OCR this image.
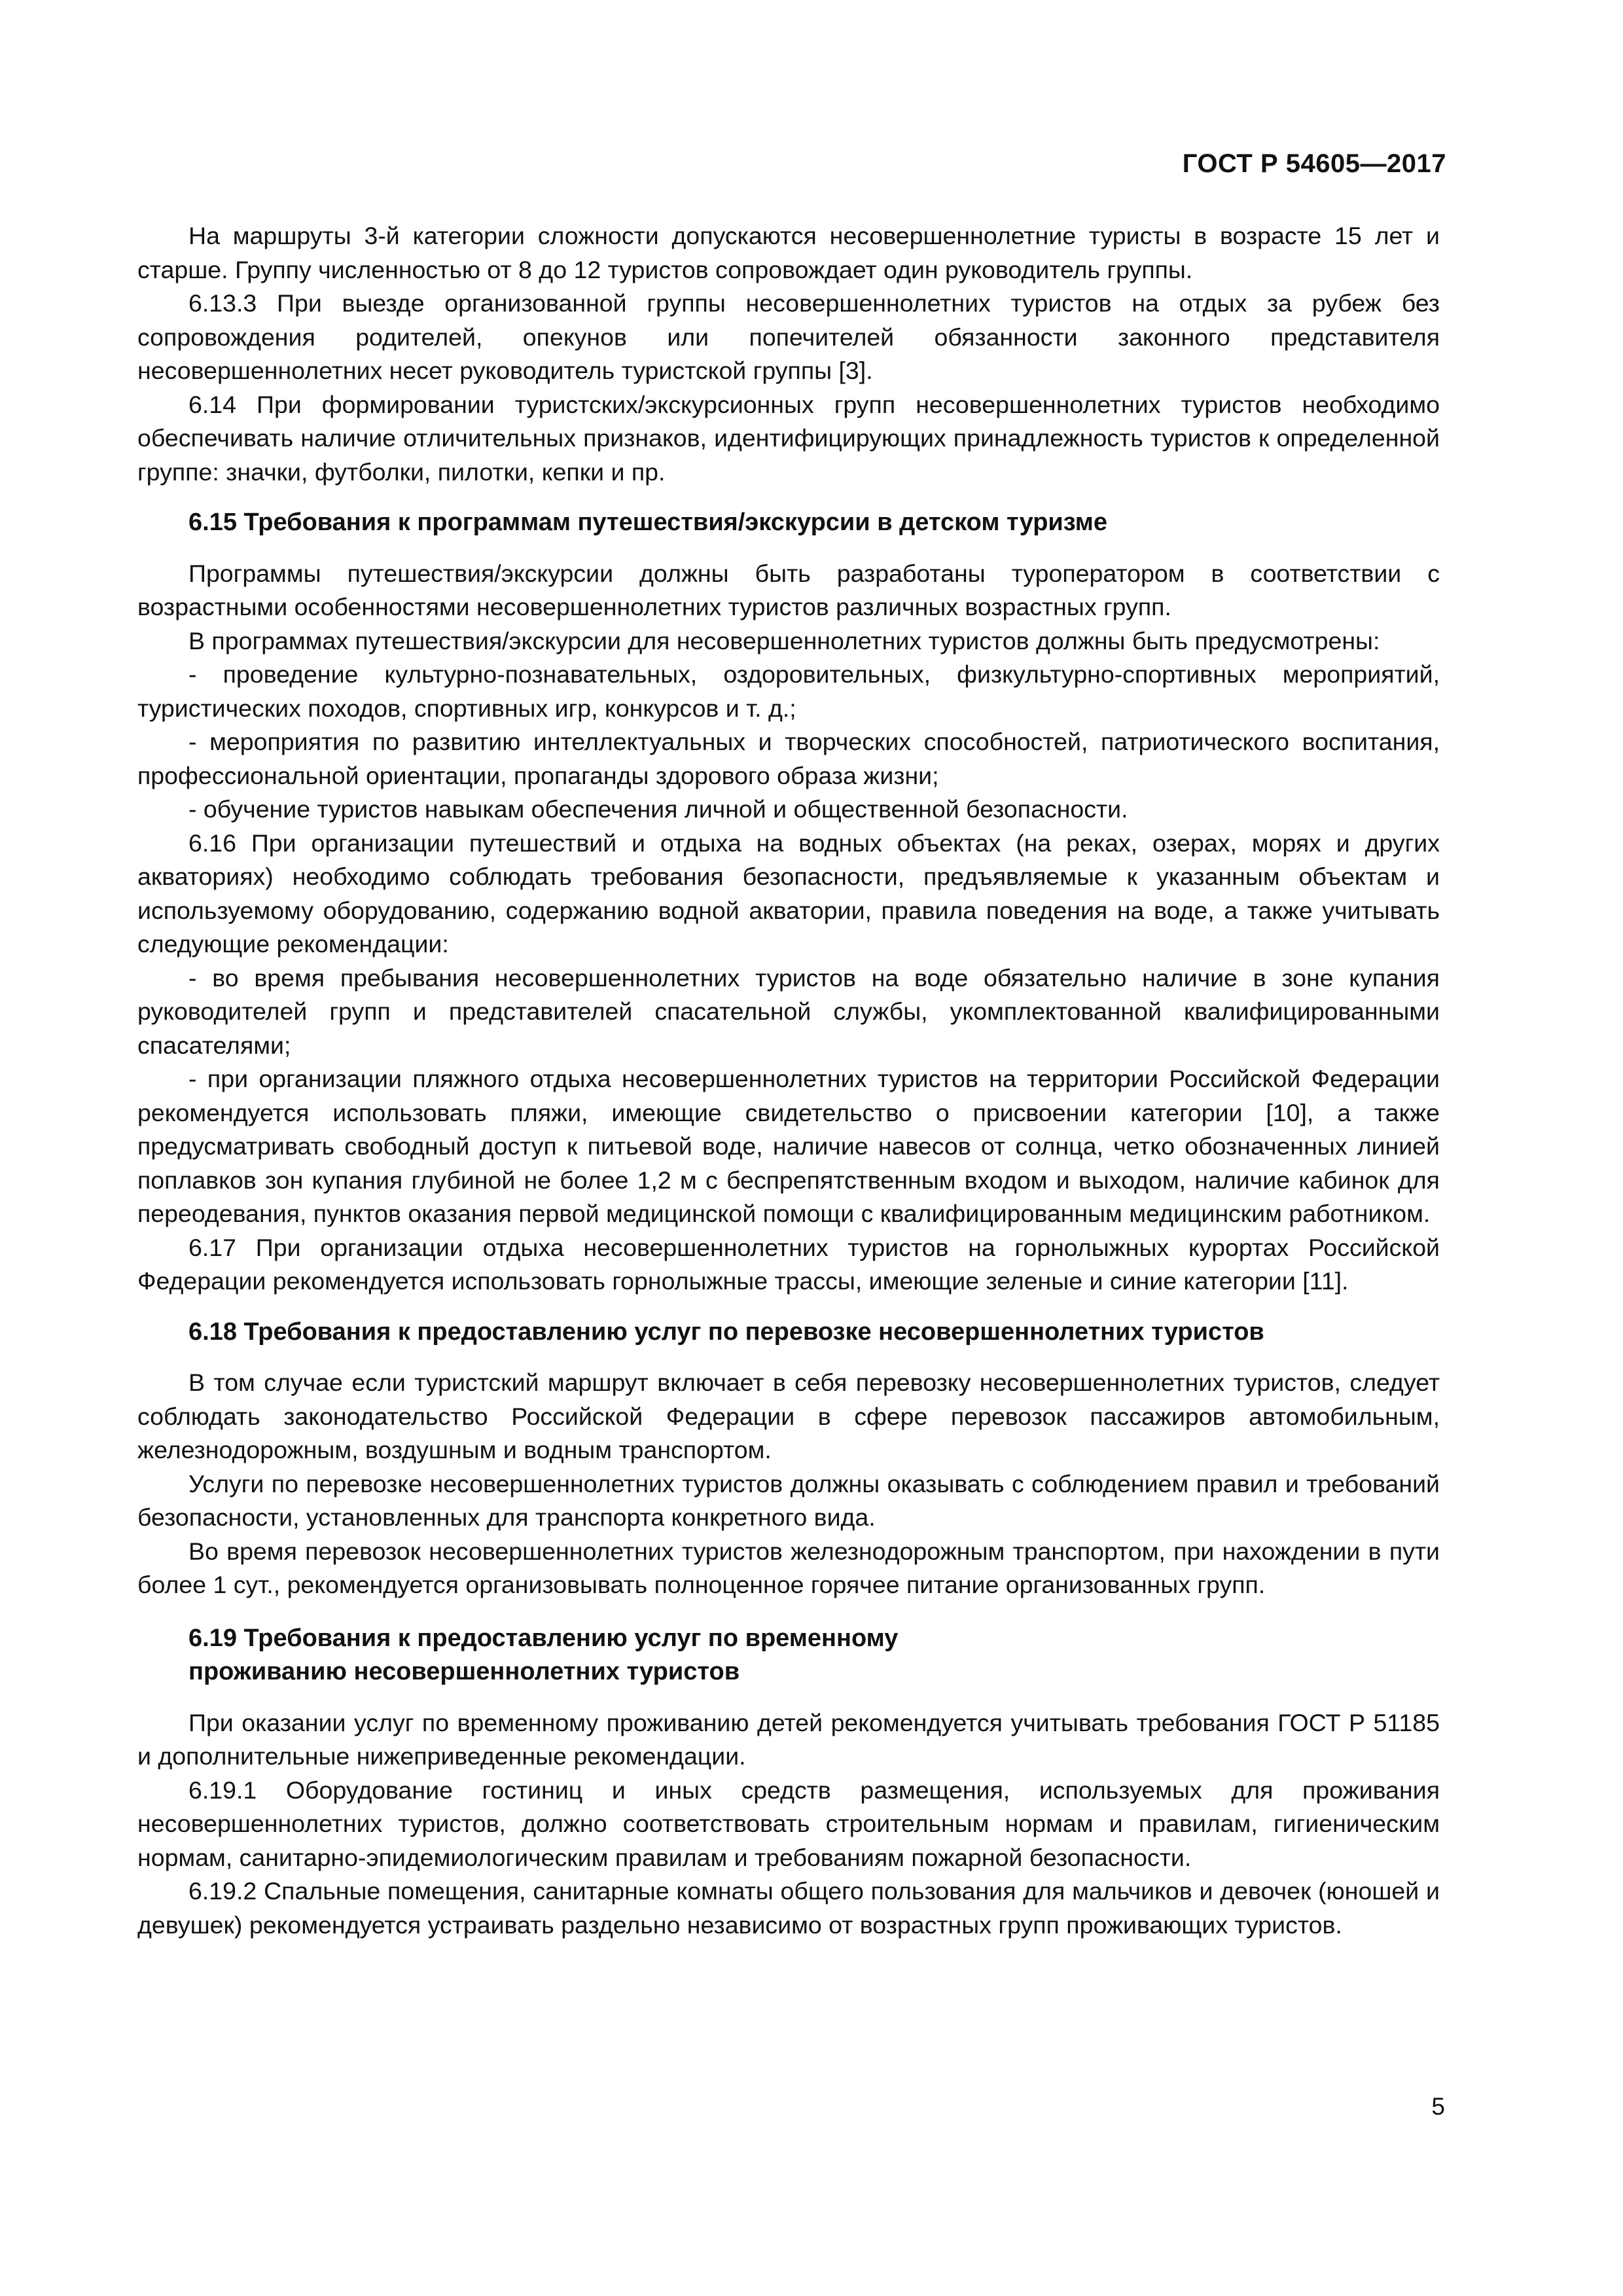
ГОСТ Р 54605—2017

На маршруты 3-й категории сложности допускаются несовершеннолетние туристы в возрасте 15 лет и старше. Группу численностью от 8 до 12 туристов сопровождает один руководитель группы.

6.13.3 При выезде организованной группы несовершеннолетних туристов на отдых за рубеж без сопровождения родителей, опекунов или попечителей обязанности законного представителя несовершеннолетних несет руководитель туристской группы [3].

6.14 При формировании туристских/экскурсионных групп несовершеннолетних туристов необходимо обеспечивать наличие отличительных признаков, идентифицирующих принадлежность туристов к определенной группе: значки, футболки, пилотки, кепки и пр.

6.15 Требования к программам путешествия/экскурсии в детском туризме

Программы путешествия/экскурсии должны быть разработаны туроператором в соответствии с возрастными особенностями несовершеннолетних туристов различных возрастных групп.

В программах путешествия/экскурсии для несовершеннолетних туристов должны быть предусмотрены:

- проведение культурно-познавательных, оздоровительных, физкультурно-спортивных мероприятий, туристических походов, спортивных игр, конкурсов и т. д.;

- мероприятия по развитию интеллектуальных и творческих способностей, патриотического воспитания, профессиональной ориентации, пропаганды здорового образа жизни;

- обучение туристов навыкам обеспечения личной и общественной безопасности.

6.16 При организации путешествий и отдыха на водных объектах (на реках, озерах, морях и других акваториях) необходимо соблюдать требования безопасности, предъявляемые к указанным объектам и используемому оборудованию, содержанию водной акватории, правила поведения на воде, а также учитывать следующие рекомендации:

- во время пребывания несовершеннолетних туристов на воде обязательно наличие в зоне купания руководителей групп и представителей спасательной службы, укомплектованной квалифицированными спасателями;

- при организации пляжного отдыха несовершеннолетних туристов на территории Российской Федерации рекомендуется использовать пляжи, имеющие свидетельство о присвоении категории [10], а также предусматривать свободный доступ к питьевой воде, наличие навесов от солнца, четко обозначенных линией поплавков зон купания глубиной не более 1,2 м с беспрепятственным входом и выходом, наличие кабинок для переодевания, пунктов оказания первой медицинской помощи с квалифицированным медицинским работником.

6.17 При организации отдыха несовершеннолетних туристов на горнолыжных курортах Российской Федерации рекомендуется использовать горнолыжные трассы, имеющие зеленые и синие категории [11].

6.18 Требования к предоставлению услуг по перевозке несовершеннолетних туристов

В том случае если туристский маршрут включает в себя перевозку несовершеннолетних туристов, следует соблюдать законодательство Российской Федерации в сфере перевозок пассажиров автомобильным, железнодорожным, воздушным и водным транспортом.

Услуги по перевозке несовершеннолетних туристов должны оказывать с соблюдением правил и требований безопасности, установленных для транспорта конкретного вида.

Во время перевозок несовершеннолетних туристов железнодорожным транспортом, при нахождении в пути более 1 сут., рекомендуется организовывать полноценное горячее питание организованных групп.

6.19 Требования к предоставлению услуг по временному проживанию несовершеннолетних туристов

При оказании услуг по временному проживанию детей рекомендуется учитывать требования ГОСТ Р 51185 и дополнительные нижеприведенные рекомендации.

6.19.1 Оборудование гостиниц и иных средств размещения, используемых для проживания несовершеннолетних туристов, должно соответствовать строительным нормам и правилам, гигиеническим нормам, санитарно-эпидемиологическим правилам и требованиям пожарной безопасности.

6.19.2 Спальные помещения, санитарные комнаты общего пользования для мальчиков и девочек (юношей и девушек) рекомендуется устраивать раздельно независимо от возрастных групп проживающих туристов.

5
